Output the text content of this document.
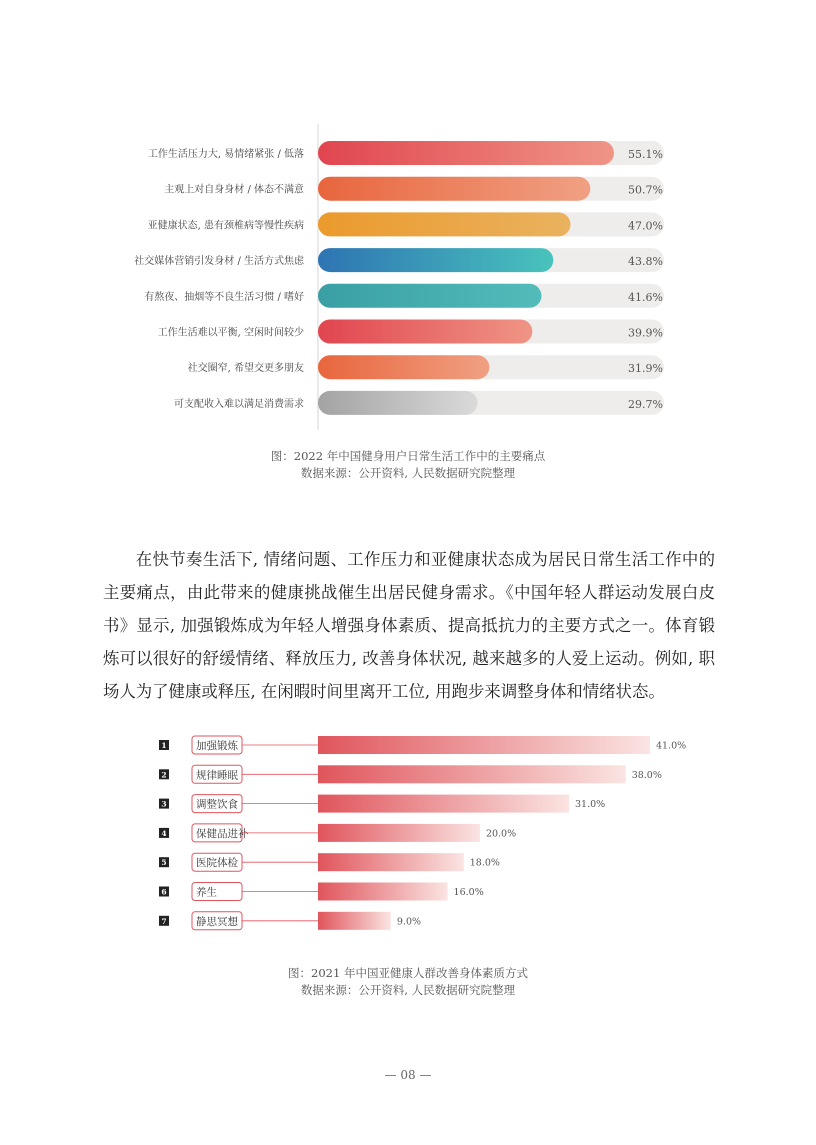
工作生活压力大, 易情绪紧张 / 低落	55.1%
主观上对自身身材 / 体态不满意	50.7%
亚健康状态, 患有颈椎病等慢性疾病	47.0%
社交媒体营销引发身材 / 生活方式焦虑	43.8%
有熬夜、抽烟等不良生活习惯 / 嗜好	41.6%
工作生活难以平衡, 空闲时间较少	39.9%
社交圈窄, 希望交更多朋友	31.9%
可支配收入难以满足消费需求	29.7%
图：2022 年中国健身用户日常生活工作中的主要痛点
数据来源：公开资料, 人民数据研究院整理

在快节奏生活下, 情绪问题、工作压力和亚健康状态成为居民日常生活工作中的主要痛点，由此带来的健康挑战催生出居民健身需求。《中国年轻人群运动发展白皮书》显示, 加强锻炼成为年轻人增强身体素质、提高抵抗力的主要方式之一。体育锻炼可以很好的舒缓情绪、释放压力, 改善身体状况, 越来越多的人爱上运动。例如, 职场人为了健康或释压, 在闲暇时间里离开工位, 用跑步来调整身体和情绪状态。

1	加强锻炼	41.0%
2	规律睡眠	38.0%
3	调整饮食	31.0%
4	保健品进补	20.0%
5	医院体检	18.0%
6	养生	16.0%
7	静思冥想	9.0%
图：2021 年中国亚健康人群改善身体素质方式
数据来源：公开资料, 人民数据研究院整理
— 08 —
